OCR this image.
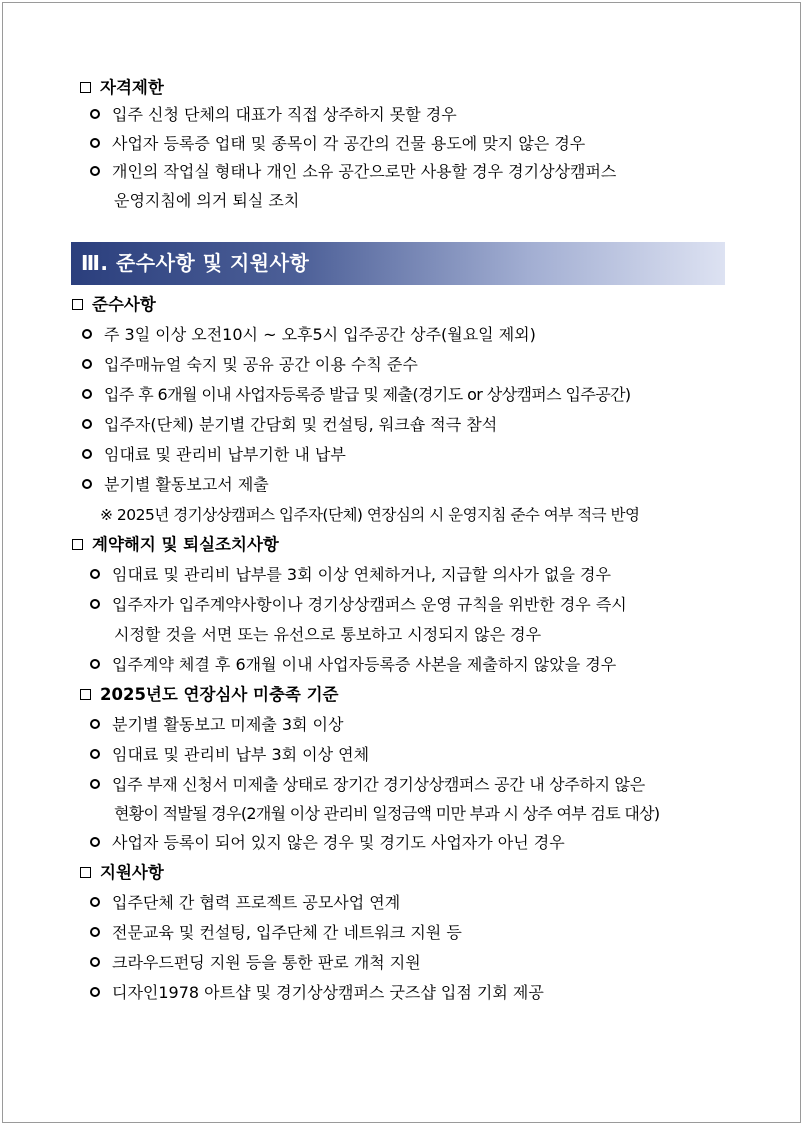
자격제한
입주 신청 단체의 대표가 직접 상주하지 못할 경우
사업자 등록증 업태 및 종목이 각 공간의 건물 용도에 맞지 않은 경우
개인의 작업실 형태나 개인 소유 공간으로만 사용할 경우 경기상상캠퍼스
운영지침에 의거 퇴실 조치
Ⅲ. 준수사항 및 지원사항
준수사항
주 3일 이상 오전10시 ~ 오후5시 입주공간 상주(월요일 제외)
입주매뉴얼 숙지 및 공유 공간 이용 수칙 준수
입주 후 6개월 이내 사업자등록증 발급 및 제출(경기도 or 상상캠퍼스 입주공간)
입주자(단체) 분기별 간담회 및 컨설팅, 워크숍 적극 참석
임대료 및 관리비 납부기한 내 납부
분기별 활동보고서 제출
※ 2025년 경기상상캠퍼스 입주자(단체) 연장심의 시 운영지침 준수 여부 적극 반영
계약해지 및 퇴실조치사항
임대료 및 관리비 납부를 3회 이상 연체하거나, 지급할 의사가 없을 경우
입주자가 입주계약사항이나 경기상상캠퍼스 운영 규칙을 위반한 경우 즉시
시정할 것을 서면 또는 유선으로 통보하고 시정되지 않은 경우
입주계약 체결 후 6개월 이내 사업자등록증 사본을 제출하지 않았을 경우
2025년도 연장심사 미충족 기준
분기별 활동보고 미제출 3회 이상
임대료 및 관리비 납부 3회 이상 연체
입주 부재 신청서 미제출 상태로 장기간 경기상상캠퍼스 공간 내 상주하지 않은
현황이 적발될 경우(2개월 이상 관리비 일정금액 미만 부과 시 상주 여부 검토 대상)
사업자 등록이 되어 있지 않은 경우 및 경기도 사업자가 아닌 경우
지원사항
입주단체 간 협력 프로젝트 공모사업 연계
전문교육 및 컨설팅, 입주단체 간 네트워크 지원 등
크라우드펀딩 지원 등을 통한 판로 개척 지원
디자인1978 아트샵 및 경기상상캠퍼스 굿즈샵 입점 기회 제공
